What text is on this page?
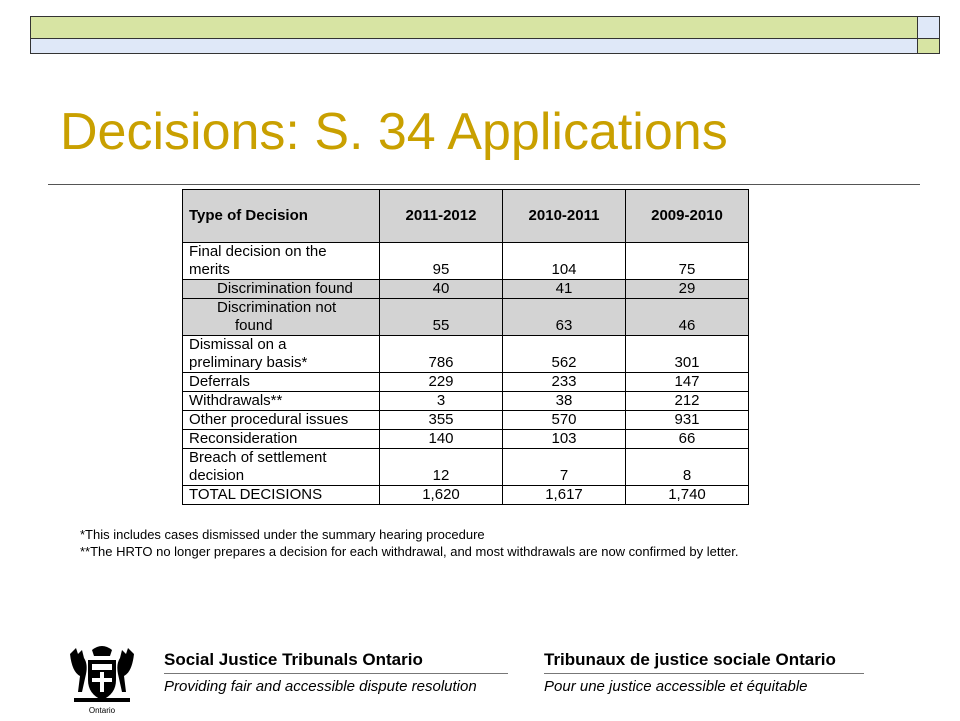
Decisions: S. 34 Applications
Type of Decision	2011-2012	2010-2011	2009-2010
Final decision on the
merits	95	104	75
Discrimination found	40	41	29
Discrimination not
found	55	63	46
Dismissal on a
preliminary basis*	786	562	301
Deferrals	229	233	147
Withdrawals**	3	38	212
Other procedural issues	355	570	931
Reconsideration	140	103	66
Breach of settlement
decision	12	7	8
TOTAL DECISIONS	1,620	1,617	1,740
*This includes cases dismissed under the summary hearing procedure
**The HRTO no longer prepares a decision for each withdrawal, and most withdrawals are now confirmed by letter.
Ontario
Social Justice Tribunals Ontario
Providing fair and accessible dispute resolution
Tribunaux de justice sociale Ontario
Pour une justice accessible et équitable
